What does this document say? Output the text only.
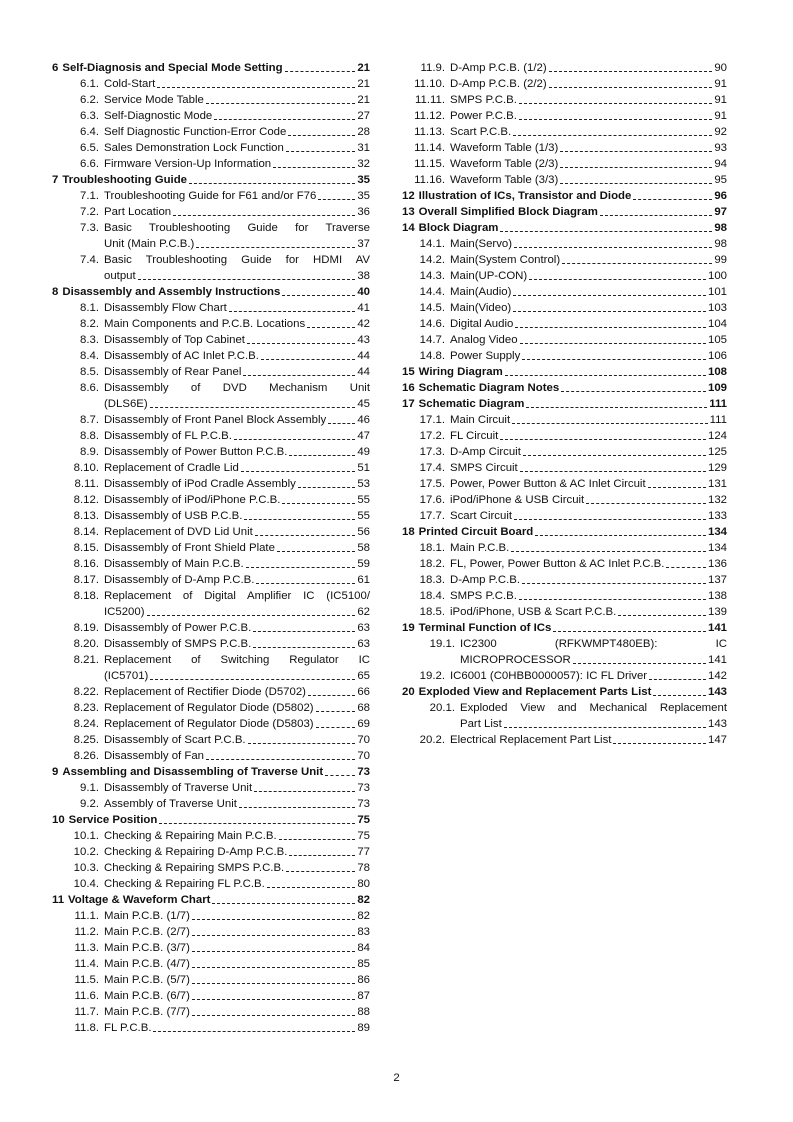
6 Self-Diagnosis and Special Mode Setting	21
6.1. Cold-Start	21
6.2. Service Mode Table	21
6.3. Self-Diagnostic Mode	27
6.4. Self Diagnostic Function-Error Code	28
6.5. Sales Demonstration Lock Function	31
6.6. Firmware Version-Up Information	32
7 Troubleshooting Guide	35
7.1. Troubleshooting Guide for F61 and/or F76	35
7.2. Part Location	36
7.3. Basic Troubleshooting Guide for Traverse
Unit (Main P.C.B.)	37
7.4. Basic Troubleshooting Guide for HDMI AV
output	38
8 Disassembly and Assembly Instructions	40
8.1. Disassembly Flow Chart	41
8.2. Main Components and P.C.B. Locations	42
8.3. Disassembly of Top Cabinet	43
8.4. Disassembly of AC Inlet P.C.B.	44
8.5. Disassembly of Rear Panel	44
8.6. Disassembly of DVD Mechanism Unit
(DLS6E)	45
8.7. Disassembly of Front Panel Block Assembly	46
8.8. Disassembly of FL P.C.B.	47
8.9. Disassembly of Power Button P.C.B.	49
8.10. Replacement of Cradle Lid	51
8.11. Disassembly of iPod Cradle Assembly	53
8.12. Disassembly of iPod/iPhone P.C.B.	55
8.13. Disassembly of USB P.C.B.	55
8.14. Replacement of DVD Lid Unit	56
8.15. Disassembly of Front Shield Plate	58
8.16. Disassembly of Main P.C.B.	59
8.17. Disassembly of D-Amp P.C.B.	61
8.18. Replacement of Digital Amplifier IC (IC5100/
IC5200)	62
8.19. Disassembly of Power P.C.B.	63
8.20. Disassembly of SMPS P.C.B.	63
8.21. Replacement of Switching Regulator IC
(IC5701)	65
8.22. Replacement of Rectifier Diode (D5702)	66
8.23. Replacement of Regulator Diode (D5802)	68
8.24. Replacement of Regulator Diode (D5803)	69
8.25. Disassembly of Scart P.C.B.	70
8.26. Disassembly of Fan	70
9 Assembling and Disassembling of Traverse Unit	73
9.1. Disassembly of Traverse Unit	73
9.2. Assembly of Traverse Unit	73
10 Service Position	75
10.1. Checking & Repairing Main P.C.B.	75
10.2. Checking & Repairing D-Amp P.C.B.	77
10.3. Checking & Repairing SMPS P.C.B.	78
10.4. Checking & Repairing FL P.C.B.	80
11 Voltage & Waveform Chart	82
11.1. Main P.C.B. (1/7)	82
11.2. Main P.C.B. (2/7)	83
11.3. Main P.C.B. (3/7)	84
11.4. Main P.C.B. (4/7)	85
11.5. Main P.C.B. (5/7)	86
11.6. Main P.C.B. (6/7)	87
11.7. Main P.C.B. (7/7)	88
11.8. FL P.C.B.	89
11.9. D-Amp P.C.B. (1/2)	90
11.10. D-Amp P.C.B. (2/2)	91
11.11. SMPS P.C.B.	91
11.12. Power P.C.B.	91
11.13. Scart P.C.B.	92
11.14. Waveform Table (1/3)	93
11.15. Waveform Table (2/3)	94
11.16. Waveform Table (3/3)	95
12 Illustration of ICs, Transistor and Diode	96
13 Overall Simplified Block Diagram	97
14 Block Diagram	98
14.1. Main(Servo)	98
14.2. Main(System Control)	99
14.3. Main(UP-CON)	100
14.4. Main(Audio)	101
14.5. Main(Video)	103
14.6. Digital Audio	104
14.7. Analog Video	105
14.8. Power Supply	106
15 Wiring Diagram	108
16 Schematic Diagram Notes	109
17 Schematic Diagram	111
17.1. Main Circuit	111
17.2. FL Circuit	124
17.3. D-Amp Circuit	125
17.4. SMPS Circuit	129
17.5. Power, Power Button & AC Inlet Circuit	131
17.6. iPod/iPhone & USB Circuit	132
17.7. Scart Circuit	133
18 Printed Circuit Board	134
18.1. Main P.C.B.	134
18.2. FL, Power, Power Button & AC Inlet P.C.B.	136
18.3. D-Amp P.C.B.	137
18.4. SMPS P.C.B.	138
18.5. iPod/iPhone, USB & Scart P.C.B.	139
19 Terminal Function of ICs	141
19.1. IC2300 (RFKWMPT480EB): IC
MICROPROCESSOR	141
19.2. IC6001 (C0HBB0000057): IC FL Driver	142
20 Exploded View and Replacement Parts List	143
20.1. Exploded View and Mechanical Replacement
Part List	143
20.2. Electrical Replacement Part List	147
2
